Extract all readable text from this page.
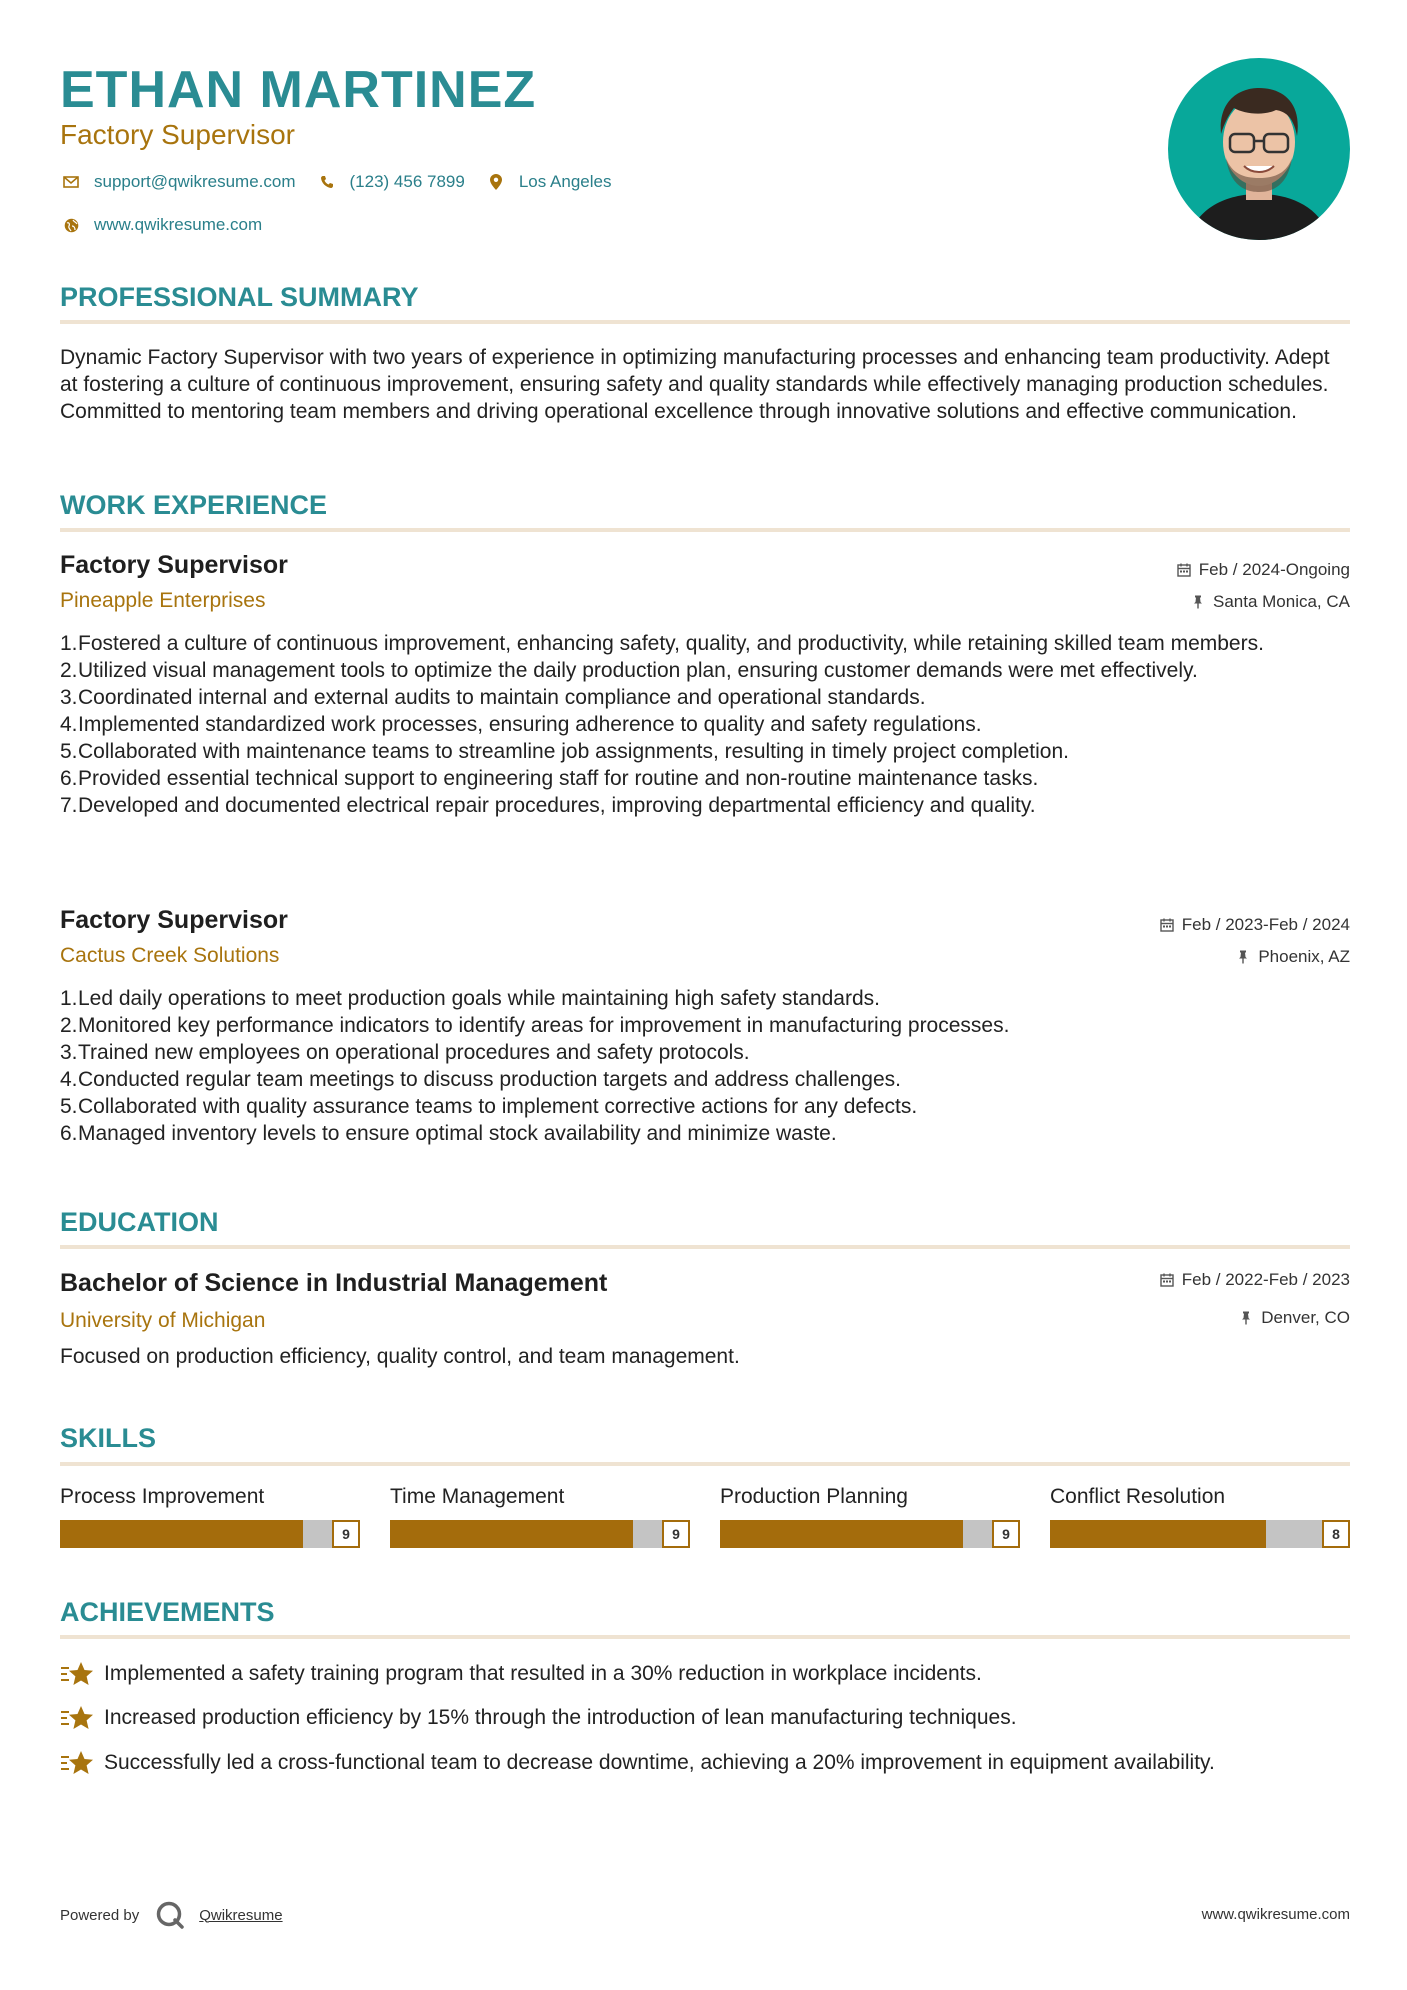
ETHAN MARTINEZ

Factory Supervisor

support@qwikresume.com	(123) 456 7899	Los Angeles
www.qwikresume.com
PROFESSIONAL SUMMARY

Dynamic Factory Supervisor with two years of experience in optimizing manufacturing processes and enhancing team productivity. Adept at fostering a culture of continuous improvement, ensuring safety and quality standards while effectively managing production schedules. Committed to mentoring team members and driving operational excellence through innovative solutions and effective communication.

WORK EXPERIENCE
Factory Supervisor	Feb / 2024-Ongoing

Pineapple Enterprises	Santa Monica, CA
1. Fostered a culture of continuous improvement, enhancing safety, quality, and productivity, while retaining skilled team members.
2. Utilized visual management tools to optimize the daily production plan, ensuring customer demands were met effectively.
3. Coordinated internal and external audits to maintain compliance and operational standards.
4. Implemented standardized work processes, ensuring adherence to quality and safety regulations.
5. Collaborated with maintenance teams to streamline job assignments, resulting in timely project completion.
6. Provided essential technical support to engineering staff for routine and non-routine maintenance tasks.
7. Developed and documented electrical repair procedures, improving departmental efficiency and quality.
Factory Supervisor	Feb / 2023-Feb / 2024

Cactus Creek Solutions	Phoenix, AZ
1. Led daily operations to meet production goals while maintaining high safety standards.
2. Monitored key performance indicators to identify areas for improvement in manufacturing processes.
3. Trained new employees on operational procedures and safety protocols.
4. Conducted regular team meetings to discuss production targets and address challenges.
5. Collaborated with quality assurance teams to implement corrective actions for any defects.
6. Managed inventory levels to ensure optimal stock availability and minimize waste.
EDUCATION
Bachelor of Science in Industrial Management	Feb / 2022-Feb / 2023

University of Michigan	Denver, CO

Focused on production efficiency, quality control, and team management.

SKILLS
Process Improvement
9
Time Management
9
Production Planning
9
Conflict Resolution
8
ACHIEVEMENTS
Implemented a safety training program that resulted in a 30% reduction in workplace incidents.
Increased production efficiency by 15% through the introduction of lean manufacturing techniques.
Successfully led a cross-functional team to decrease downtime, achieving a 20% improvement in equipment availability.
Powered by	Qwikresume	www.qwikresume.com
